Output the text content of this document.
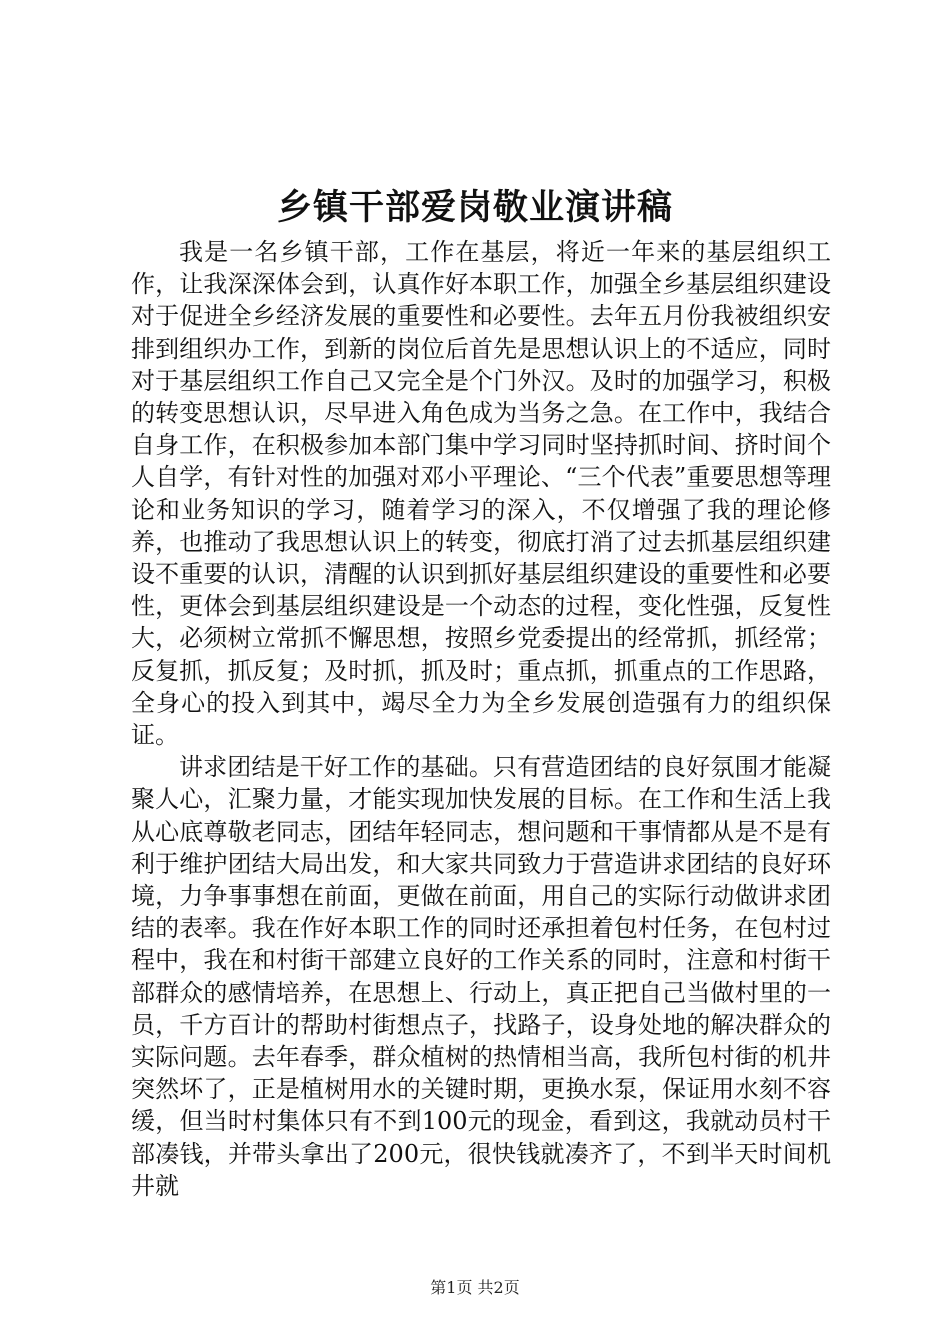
乡镇干部爱岗敬业演讲稿

我是一名乡镇干部，工作在基层，将近一年来的基层组织工作，让我深深体会到，认真作好本职工作，加强全乡基层组织建设对于促进全乡经济发展的重要性和必要性。去年五月份我被组织安排到组织办工作，到新的岗位后首先是思想认识上的不适应，同时对于基层组织工作自己又完全是个门外汉。及时的加强学习，积极的转变思想认识，尽早进入角色成为当务之急。在工作中，我结合自身工作，在积极参加本部门集中学习同时坚持抓时间、挤时间个人自学，有针对性的加强对邓小平理论、“三个代表”重要思想等理论和业务知识的学习，随着学习的深入，不仅增强了我的理论修养，也推动了我思想认识上的转变，彻底打消了过去抓基层组织建设不重要的认识，清醒的认识到抓好基层组织建设的重要性和必要性，更体会到基层组织建设是一个动态的过程，变化性强，反复性大，必须树立常抓不懈思想，按照乡党委提出的经常抓，抓经常；反复抓，抓反复；及时抓，抓及时；重点抓，抓重点的工作思路，全身心的投入到其中，竭尽全力为全乡发展创造强有力的组织保证。

讲求团结是干好工作的基础。只有营造团结的良好氛围才能凝聚人心，汇聚力量，才能实现加快发展的目标。在工作和生活上我从心底尊敬老同志，团结年轻同志，想问题和干事情都从是不是有利于维护团结大局出发，和大家共同致力于营造讲求团结的良好环境，力争事事想在前面，更做在前面，用自己的实际行动做讲求团结的表率。我在作好本职工作的同时还承担着包村任务，在包村过程中，我在和村街干部建立良好的工作关系的同时，注意和村街干部群众的感情培养，在思想上、行动上，真正把自己当做村里的一员，千方百计的帮助村街想点子，找路子，设身处地的解决群众的实际问题。去年春季，群众植树的热情相当高，我所包村街的机井突然坏了，正是植树用水的关键时期，更换水泵，保证用水刻不容缓，但当时村集体只有不到100元的现金，看到这，我就动员村干部凑钱，并带头拿出了200元，很快钱就凑齐了，不到半天时间机井就

第1页 共2页
